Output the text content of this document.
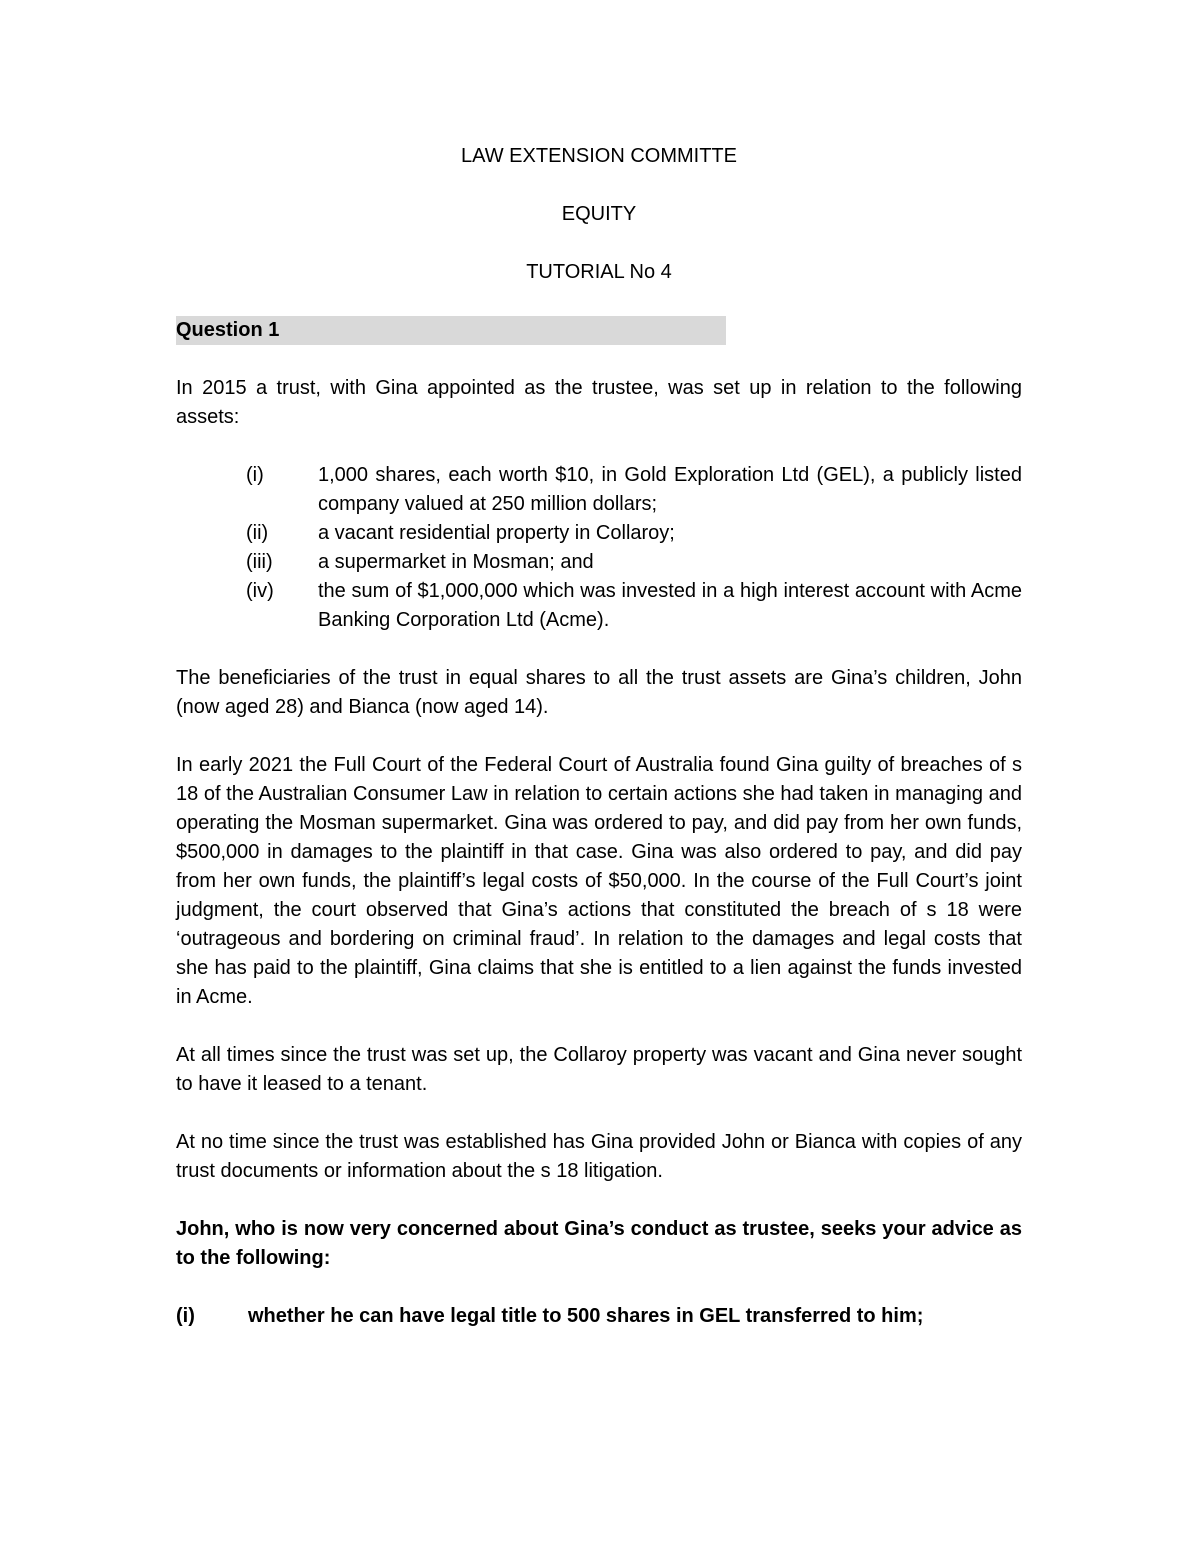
LAW EXTENSION COMMITTE
EQUITY
TUTORIAL No 4
Question 1

In 2015 a trust, with Gina appointed as the trustee, was set up in relation to the following assets:

(i)	1,000 shares, each worth $10, in Gold Exploration Ltd (GEL), a publicly listed company valued at 250 million dollars;
(ii)	a vacant residential property in Collaroy;
(iii)	a supermarket in Mosman; and
(iv)	the sum of $1,000,000 which was invested in a high interest account with Acme Banking Corporation Ltd (Acme).

The beneficiaries of the trust in equal shares to all the trust assets are Gina’s children, John (now aged 28) and Bianca (now aged 14).

In early 2021 the Full Court of the Federal Court of Australia found Gina guilty of breaches of s 18 of the Australian Consumer Law in relation to certain actions she had taken in managing and operating the Mosman supermarket. Gina was ordered to pay, and did pay from her own funds, $500,000 in damages to the plaintiff in that case. Gina was also ordered to pay, and did pay from her own funds, the plaintiff’s legal costs of $50,000. In the course of the Full Court’s joint judgment, the court observed that Gina’s actions that constituted the breach of s 18 were ‘outrageous and bordering on criminal fraud’. In relation to the damages and legal costs that she has paid to the plaintiff, Gina claims that she is entitled to a lien against the funds invested in Acme.

At all times since the trust was set up, the Collaroy property was vacant and Gina never sought to have it leased to a tenant.

At no time since the trust was established has Gina provided John or Bianca with copies of any trust documents or information about the s 18 litigation.

John, who is now very concerned about Gina’s conduct as trustee, seeks your advice as to the following:

(i)	whether he can have legal title to 500 shares in GEL transferred to him;
